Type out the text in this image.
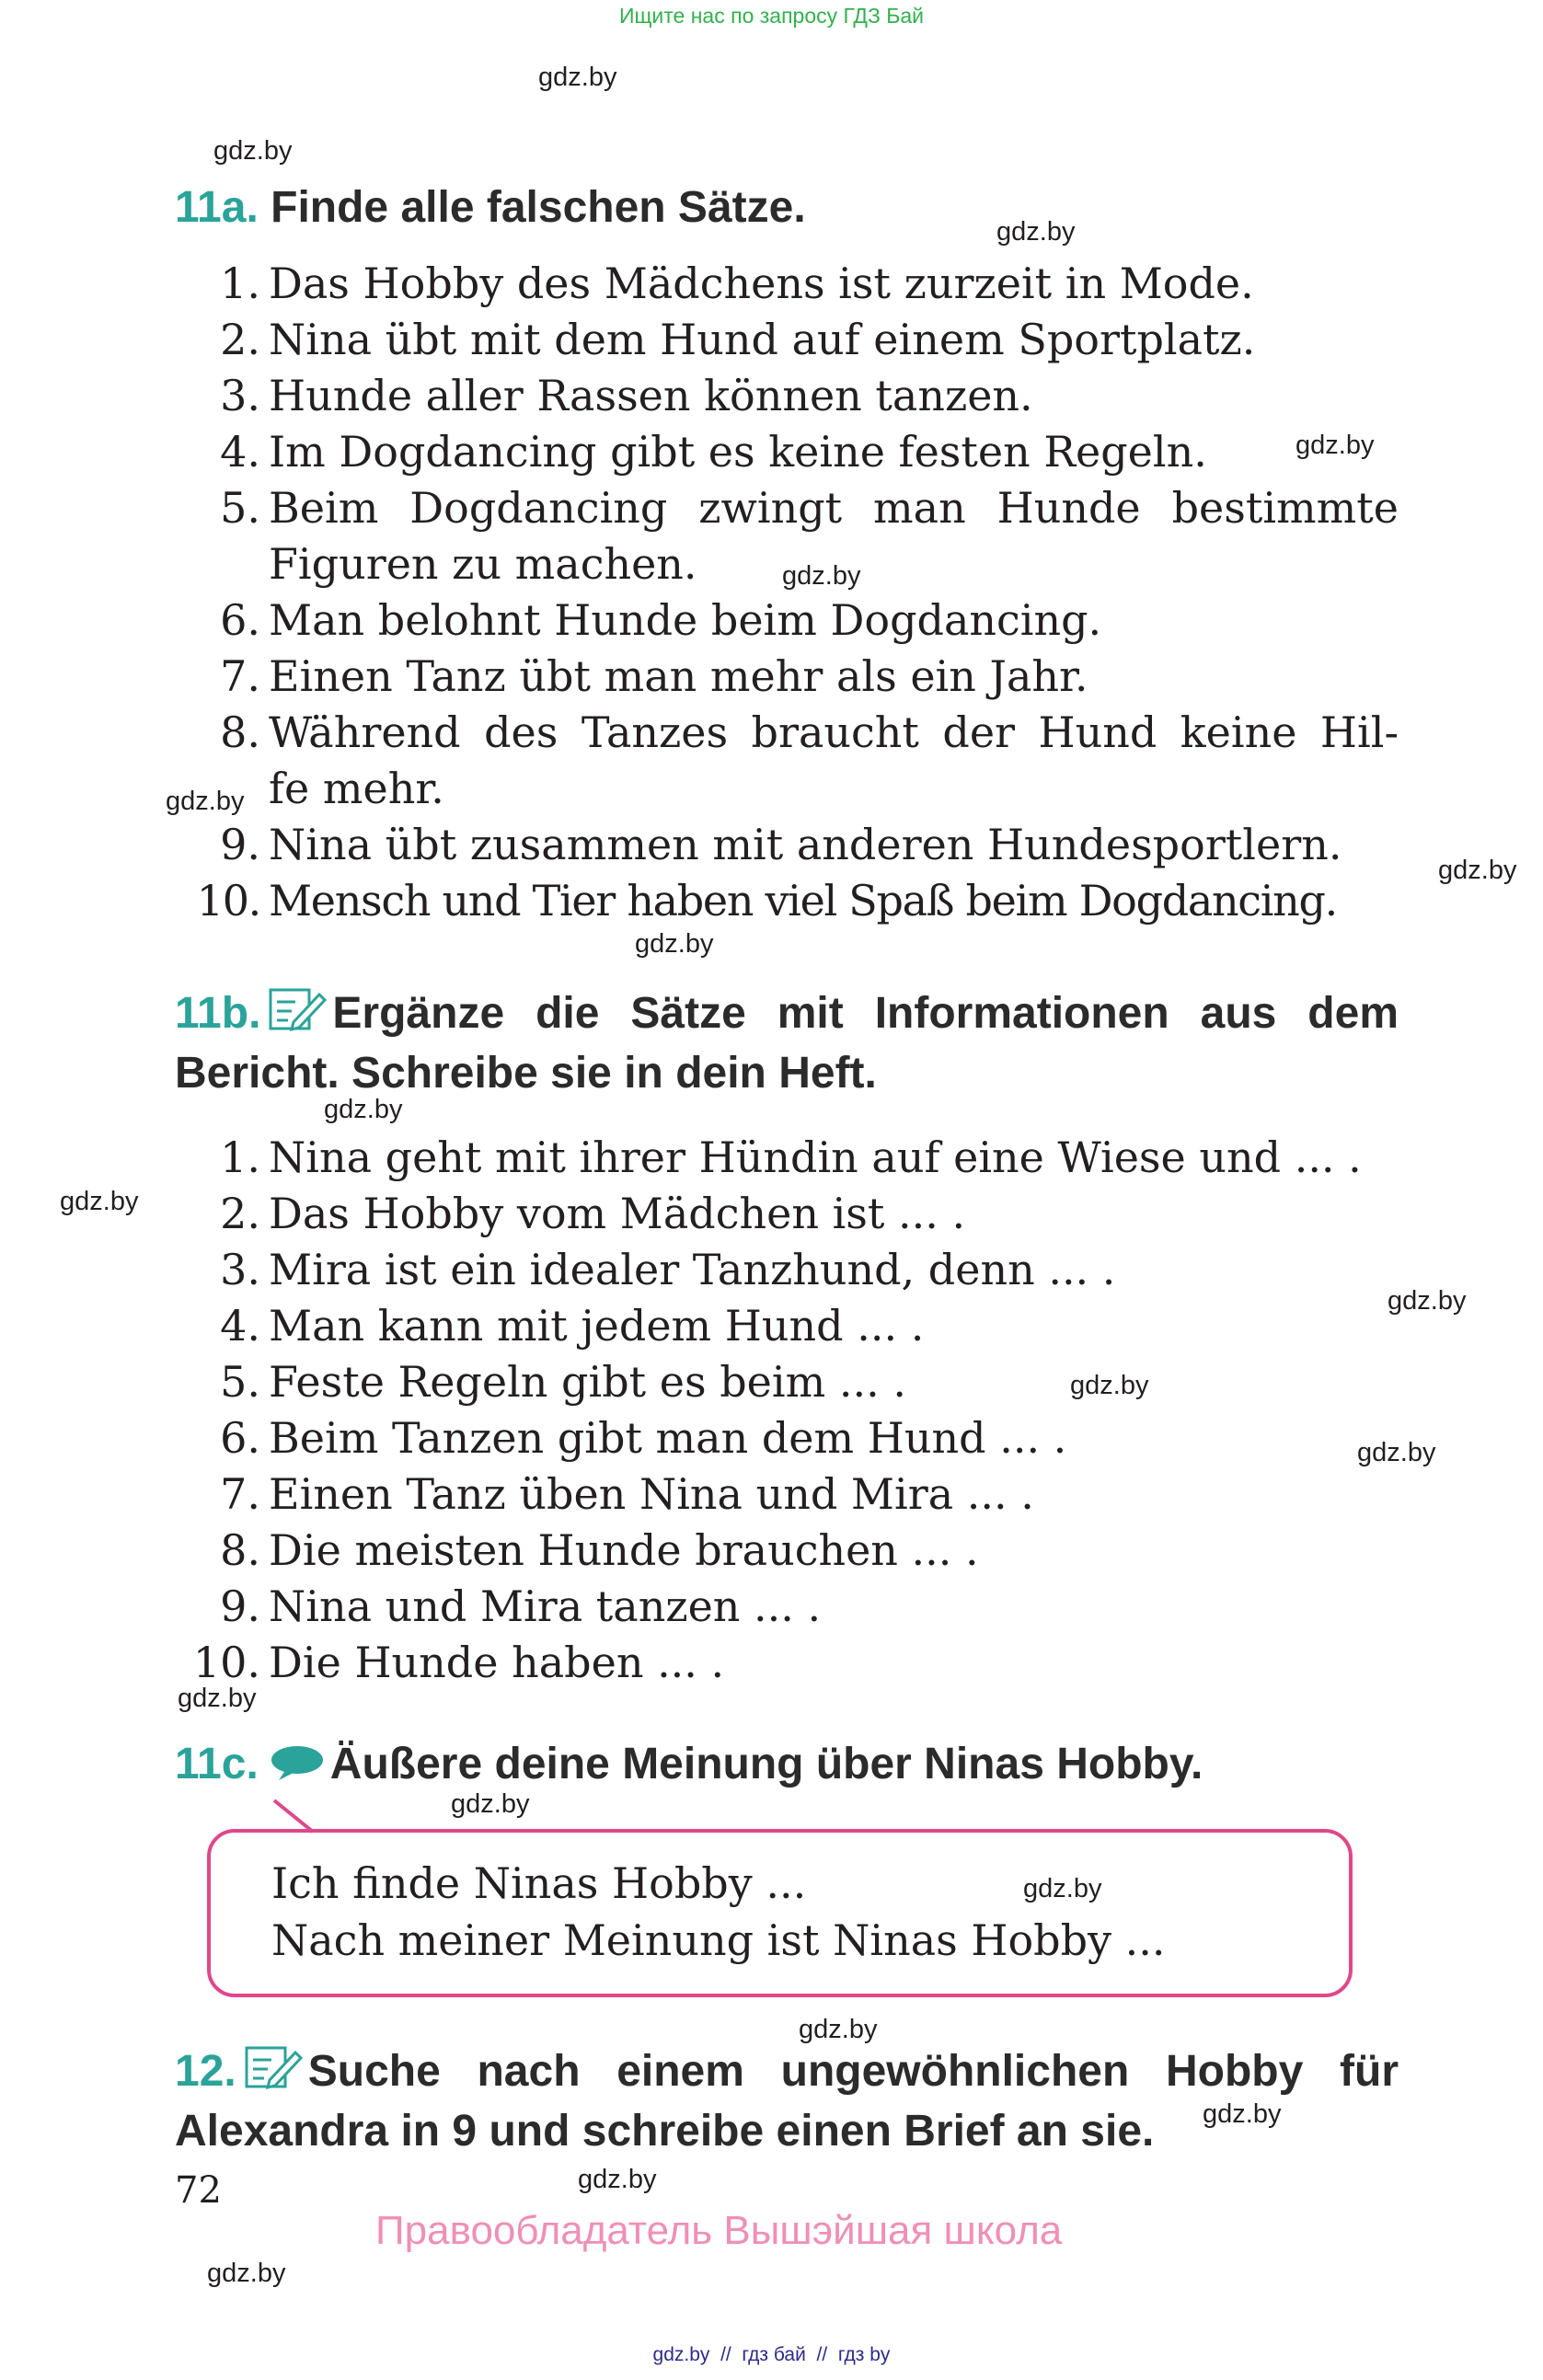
Ищите нас по запросу ГДЗ Бай
gdz.by
gdz.by
gdz.by
gdz.by
gdz.by
gdz.by
gdz.by
gdz.by
gdz.by
gdz.by
gdz.by
gdz.by
gdz.by
gdz.by
gdz.by
gdz.by
gdz.by
gdz.by
gdz.by
gdz.by
11a. Finde alle falschen Sätze.
1. Das Hobby des Mädchens ist zurzeit in Mode.
2. Nina übt mit dem Hund auf einem Sportplatz.
3. Hunde aller Rassen können tanzen.
4. Im Dogdancing gibt es keine festen Regeln.
5. Beim Dogdancing zwingt man Hunde bestimmte
Figuren zu machen.
6. Man belohnt Hunde beim Dogdancing.
7. Einen Tanz übt man mehr als ein Jahr.
8. Während des Tanzes braucht der Hund keine Hil-
fe mehr.
9. Nina übt zusammen mit anderen Hundesportlern.
10. Mensch und Tier haben viel Spaß beim Dogdancing.
11b. Ergänze die Sätze mit Informationen aus dem
Bericht. Schreibe sie in dein Heft.
1. Nina geht mit ihrer Hündin auf eine Wiese und ... .
2. Das Hobby vom Mädchen ist ... .
3. Mira ist ein idealer Tanzhund, denn ... .
4. Man kann mit jedem Hund ... .
5. Feste Regeln gibt es beim ... .
6. Beim Tanzen gibt man dem Hund ... .
7. Einen Tanz üben Nina und Mira ... .
8. Die meisten Hunde brauchen ... .
9. Nina und Mira tanzen ... .
10. Die Hunde haben ... .
11c. Äußere deine Meinung über Ninas Hobby.
Ich finde Ninas Hobby ...
Nach meiner Meinung ist Ninas Hobby ...
12. Suche nach einem ungewöhnlichen Hobby für
Alexandra in 9 und schreibe einen Brief an sie.
72
Правообладатель Вышэйшая школа
gdz.by  //  гдз бай  //  гдз by
